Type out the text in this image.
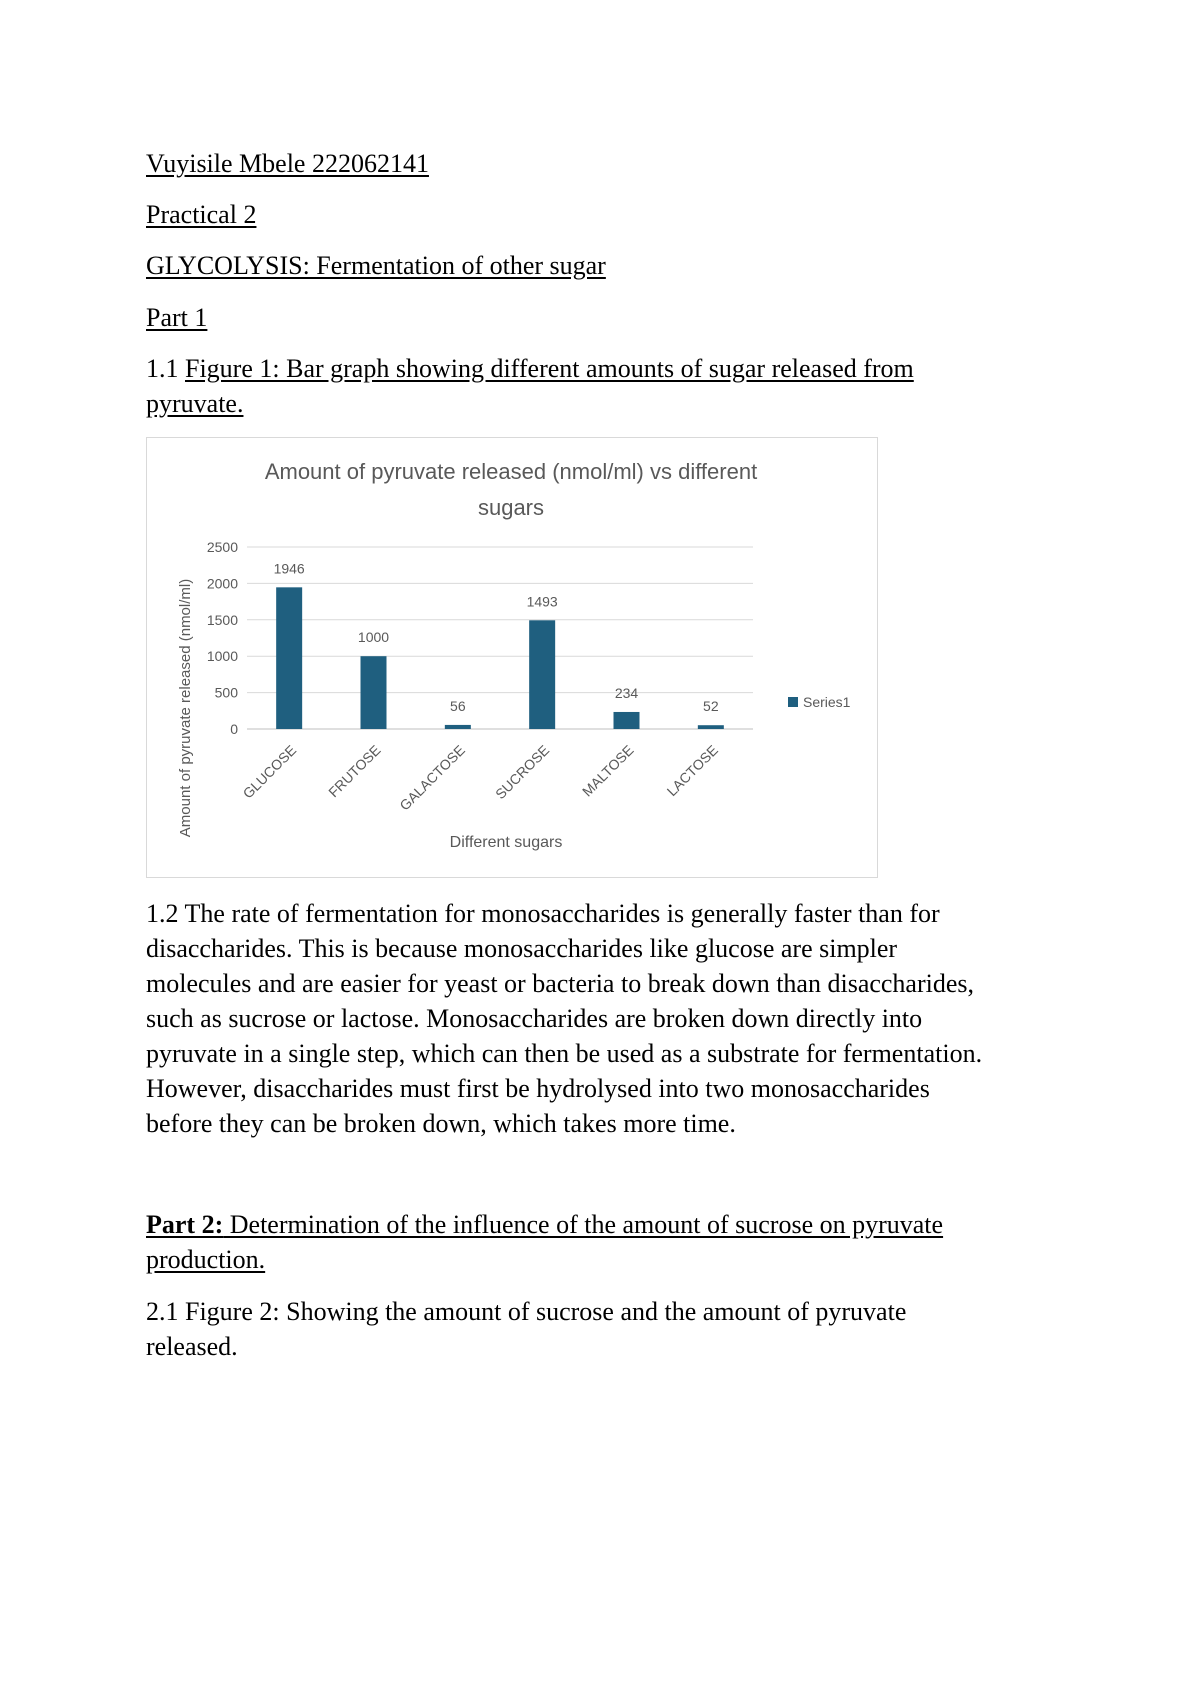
Vuyisile Mbele 222062141
Practical 2
GLYCOLYSIS: Fermentation of other sugar
Part 1
1.1 Figure 1: Bar graph showing different amounts of sugar released from
pyruvate.
Amount of pyruvate released (nmol/ml) vs different
sugars
Amount of pyruvate released (nmol/ml)
Different sugars
0
500
1000
1500
2000
2500
1946
GLUCOSE
1000
FRUTOSE
56
GALACTOSE
1493
SUCROSE
234
MALTOSE
52
LACTOSE
Series1
1.2 The rate of fermentation for monosaccharides is generally faster than for
disaccharides. This is because monosaccharides like glucose are simpler
molecules and are easier for yeast or bacteria to break down than disaccharides,
such as sucrose or lactose. Monosaccharides are broken down directly into
pyruvate in a single step, which can then be used as a substrate for fermentation.
However, disaccharides must first be hydrolysed into two monosaccharides
before they can be broken down, which takes more time.
Part 2: Determination of the influence of the amount of sucrose on pyruvate
production.
2.1 Figure 2: Showing the amount of sucrose and the amount of pyruvate
released.
